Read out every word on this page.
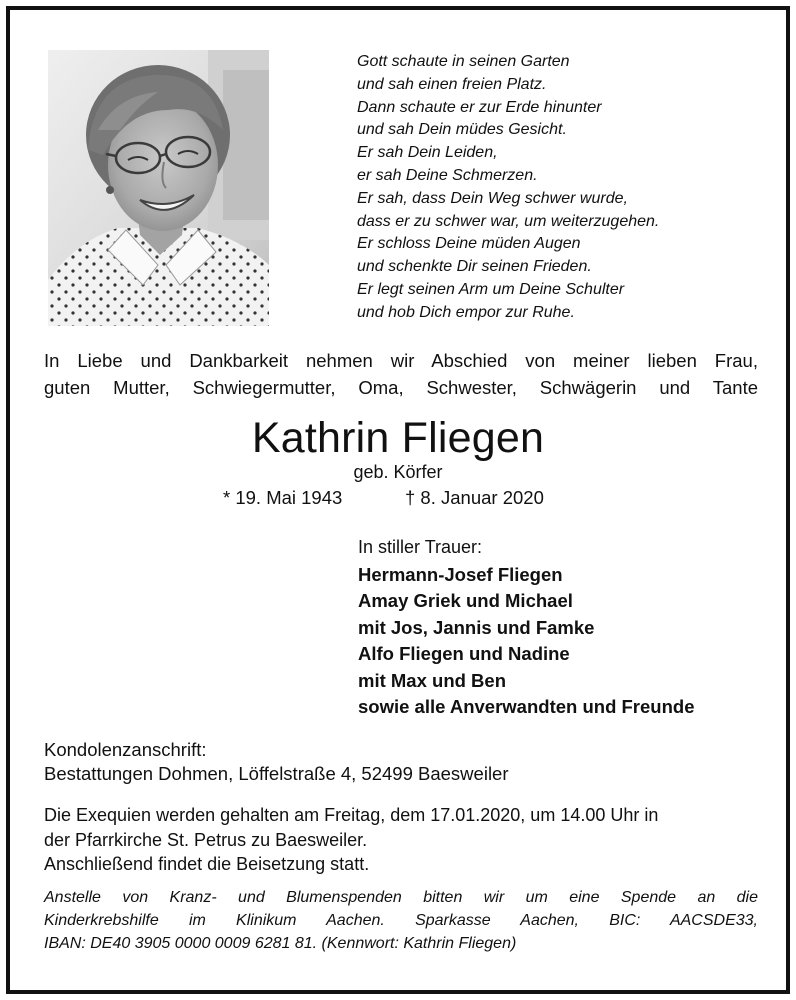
Gott schaute in seinen Garten
und sah einen freien Platz.
Dann schaute er zur Erde hinunter
und sah Dein müdes Gesicht.
Er sah Dein Leiden,
er sah Deine Schmerzen.
Er sah, dass Dein Weg schwer wurde,
dass er zu schwer war, um weiterzugehen.
Er schloss Deine müden Augen
und schenkte Dir seinen Frieden.
Er legt seinen Arm um Deine Schulter
und hob Dich empor zur Ruhe.
In Liebe und Dankbarkeit nehmen wir Abschied von meiner lieben Frau,
guten Mutter, Schwiegermutter, Oma, Schwester, Schwägerin und Tante
Kathrin Fliegen
geb. Körfer
* 19. Mai 1943	† 8. Januar 2020
In stiller Trauer:
Hermann-Josef Fliegen
Amay Griek und Michael
mit Jos, Jannis und Famke
Alfo Fliegen und Nadine
mit Max und Ben
sowie alle Anverwandten und Freunde
Kondolenzanschrift:
Bestattungen Dohmen, Löffelstraße 4, 52499 Baesweiler
Die Exequien werden gehalten am Freitag, dem 17.01.2020, um 14.00 Uhr in
der Pfarrkirche St. Petrus zu Baesweiler.
Anschließend findet die Beisetzung statt.
Anstelle von Kranz- und Blumenspenden bitten wir um eine Spende an die
Kinderkrebshilfe im Klinikum Aachen. Sparkasse Aachen, BIC: AACSDE33,
IBAN: DE40 3905 0000 0009 6281 81. (Kennwort: Kathrin Fliegen)
